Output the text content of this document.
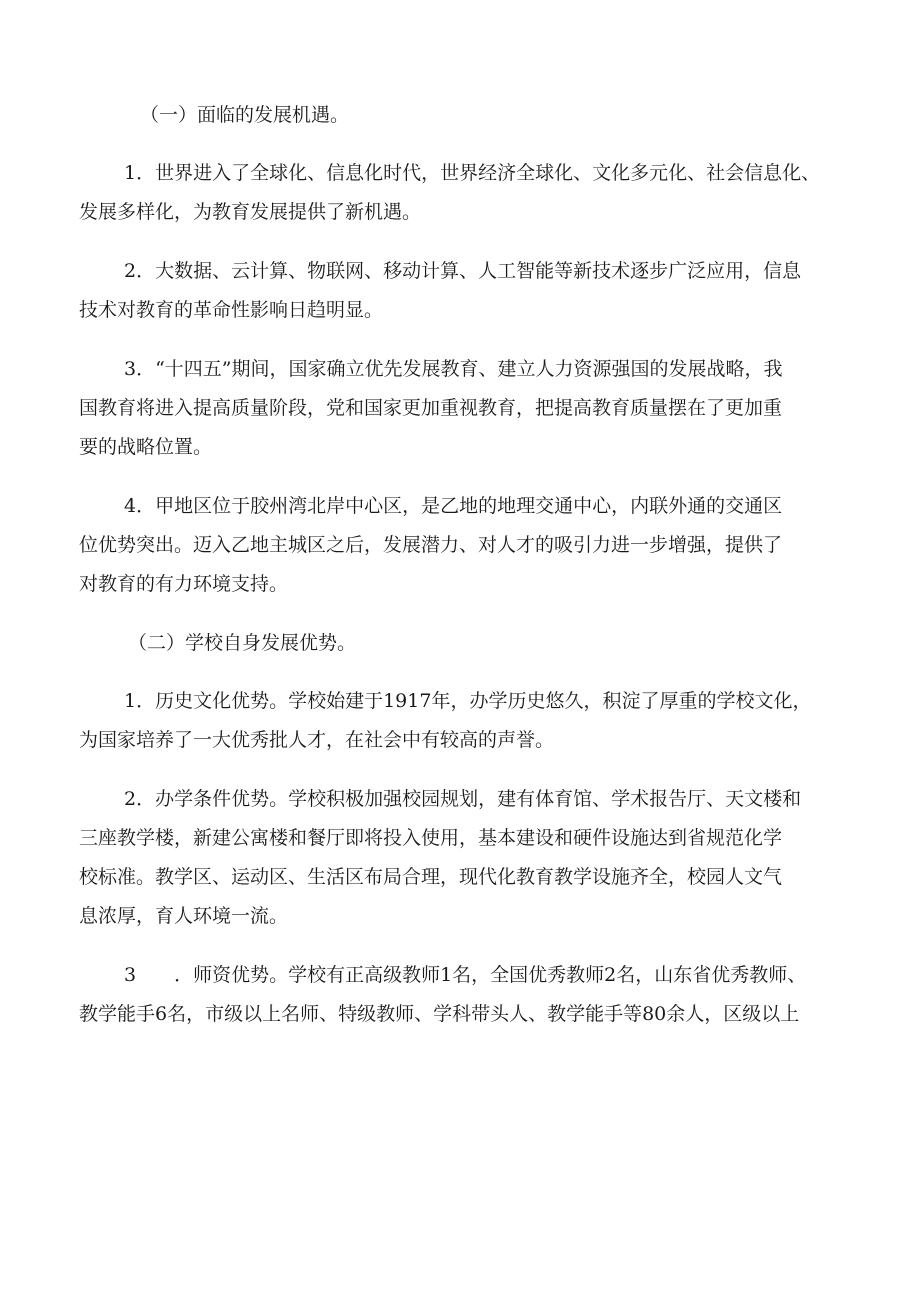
（一）面临的发展机遇。
1．世界进入了全球化、信息化时代，世界经济全球化、文化多元化、社会信息化、
发展多样化，为教育发展提供了新机遇。
2．大数据、云计算、物联网、移动计算、人工智能等新技术逐步广泛应用，信息
技术对教育的革命性影响日趋明显。
3．“十四五”期间，国家确立优先发展教育、建立人力资源强国的发展战略，我
国教育将进入提高质量阶段，党和国家更加重视教育，把提高教育质量摆在了更加重
要的战略位置。
4．甲地区位于胶州湾北岸中心区，是乙地的地理交通中心，内联外通的交通区
位优势突出。迈入乙地主城区之后，发展潜力、对人才的吸引力进一步增强，提供了
对教育的有力环境支持。
（二）学校自身发展优势。
1．历史文化优势。学校始建于1917年，办学历史悠久，积淀了厚重的学校文化，
为国家培养了一大优秀批人才，在社会中有较高的声誉。
2．办学条件优势。学校积极加强校园规划，建有体育馆、学术报告厅、天文楼和
三座教学楼，新建公寓楼和餐厅即将投入使用，基本建设和硬件设施达到省规范化学
校标准。教学区、运动区、生活区布局合理，现代化教育教学设施齐全，校园人文气
息浓厚，育人环境一流。
3　　．师资优势。学校有正高级教师1名，全国优秀教师2名，山东省优秀教师、
教学能手6名，市级以上名师、特级教师、学科带头人、教学能手等80余人，区级以上
